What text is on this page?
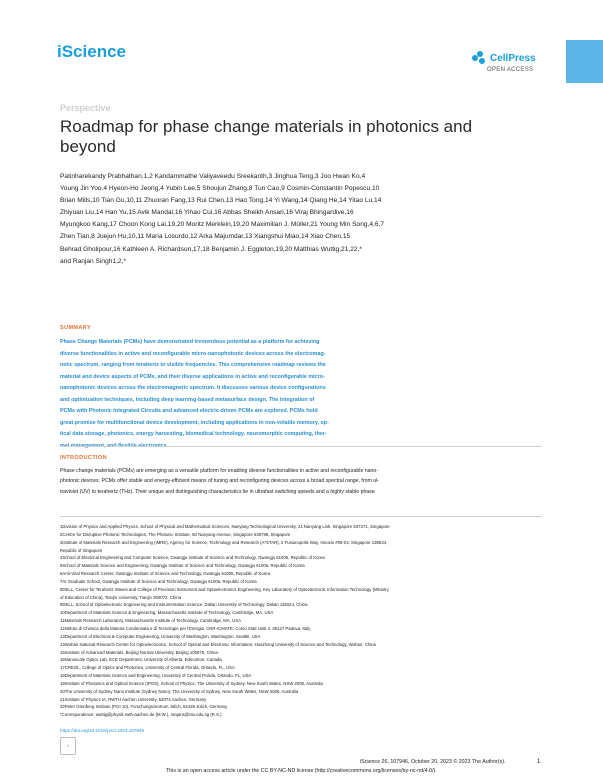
iScience	CellPress
OPEN ACCESS
Perspective
Roadmap for phase change materials in photonics and beyond
Patinharekandy Prabhathan,1,2 Kandammathe Valiyaveedu Sreekanth,3 Jinghua Teng,3 Joo Hwan Ko,4
Young Jin Yoo,4 Hyeon-Ho Jeong,4 Yubin Lee,5 Shoujun Zhang,8 Tun Cao,9 Cosmin-Constantin Popescu,10
Brian Mills,10 Tian Gu,10,11 Zhuoran Fang,13 Rui Chen,13 Hao Tong,14 Yi Wang,14 Qiang He,14 Yitao Lu,14
Zhiyuan Liu,14 Han Yu,15 Avik Mandal,16 Yihao Cui,16 Abbas Sheikh Ansari,16 Viraj Bhingardive,16
Myungkoo Kang,17 Choon Kong Lai,19,20 Moritz Merklein,19,20 Maximilian J. Müller,21 Young Min Song,4,6,7
Zhen Tian,8 Juejun Hu,10,11 Maria Losurdo,12 Arka Majumdar,13 Xiangshui Miao,14 Xiao Chen,15
Behrad Gholipour,16 Kathleen A. Richardson,17,18 Benjamin J. Eggleton,19,20 Matthias Wuttig,21,22,*
and Ranjan Singh1,2,*
SUMMARY
Phase Change Materials (PCMs) have demonstrated tremendous potential as a platform for achieving
diverse functionalities in active and reconfigurable micro-nanophotonic devices across the electromag-
netic spectrum, ranging from terahertz to visible frequencies. This comprehensive roadmap reviews the
material and device aspects of PCMs, and their diverse applications in active and reconfigurable micro-
nanophotonic devices across the electromagnetic spectrum. It discusses various device configurations
and optimization techniques, including deep learning-based metasurface design. The integration of
PCMs with Photonic Integrated Circuits and advanced electric-driven PCMs are explored. PCMs hold
great promise for multifunctional device development, including applications in non-volatile memory, op-
tical data storage, photonics, energy harvesting, biomedical technology, neuromorphic computing, ther-
INTRODUCTION
Phase change materials (PCMs) are emerging as a versatile platform for enabling diverse functionalities in active and reconfigurable nano-
photonic devices. PCMs offer stable and energy-efficient means of tuning and reconfiguring devices across a broad spectral range, from ul-
traviolet (UV) to terahertz (THz). Their unique and distinguishing characteristics lie in ultrafast switching speeds and a highly stable phase
1Division of Physics and Applied Physics, School of Physical and Mathematical Sciences, Nanyang Technological University, 21 Nanyang Link, Singapore 637371, Singapore
2Centre for Disruptive Photonic Technologies, The Photonic Institute, 50 Nanyang Avenue, Singapore 639798, Singapore
3Institute of Materials Research and Engineering (IMRE), Agency for Science, Technology and Research (A*STAR), 2 Fusionopolis Way, Innovis #08-03, Singapore 138634,
Republic of Singapore
4School of Electrical Engineering and Computer Science, Gwangju Institute of Science and Technology, Gwangju 61005, Republic of Korea
5School of Materials Science and Engineering, Gwangju Institute of Science and Technology, Gwangju 61005, Republic of Korea
6Anti-Viral Research Center, Gwangju Institute of Science and Technology, Gwangju 61005, Republic of Korea
7AI Graduate School, Gwangju Institute of Science and Technology, Gwangju 61005, Republic of Korea
8DELL, Center for Terahertz Waves and College of Precision Instrument and Optoelectronics Engineering, Key Laboratory of Optoelectronic Information Technology (Ministry
of Education of China), Tianjin University, Tianjin 300072, China
9DELL, School of Optoelectronic Engineering and Instrumentation Science, Dalian University of Technology, Dalian 116024, China
10Department of Materials Science & Engineering, Massachusetts Institute of Technology, Cambridge, MA, USA
11Materials Research Laboratory, Massachusetts Institute of Technology, Cambridge, MA, USA
12Istituto di Chimica della Materia Condensata e di Tecnologie per l'Energia, CNR-ICMATE, Corso Stati Uniti 4, 35127 Padova, Italy
13Department of Electrical & Computer Engineering, University of Washington, Washington, Seattle, USA
14Wuhan National Research Center for Optoelectronics, School of Optical and Electronic Information, Huazhong University of Science and Technology, Wuhan, China
15Institute of Advanced Materials, Beijing Normal University, Beijing 100875, China
16Nanoscale Optics Lab, ECE Department, University of Alberta, Edmonton, Canada
17CREOL, College of Optics and Photonics, University of Central Florida, Orlando, FL, USA
18Department of Materials Science and Engineering, University of Central Florida, Orlando, FL, USA
19Institute of Photonics and Optical Science (IPOS), School of Physics, The University of Sydney, New South Wales, NSW 2006, Australia
20The University of Sydney Nano Institute (Sydney Nano), The University of Sydney, New South Wales, NSW 2006, Australia
21Institute of Physics IA, RWTH Aachen University, 52074 Aachen, Germany
22Peter Grünberg Institute (PGI 10), Forschungszentrum Jülich, 52428 Jülich, Germany
*Correspondence: wuttig@physik.rwth-aachen.de (M.W.), ranjans@ntu.edu.sg (R.S.)
https://doi.org/10.1016/j.isci.2023.107946
✓
iScience 26, 107946, October 20, 2023 © 2023 The Author(s).	1
This is an open access article under the CC BY-NC-ND license (http://creativecommons.org/licenses/by-nc-nd/4.0/).
